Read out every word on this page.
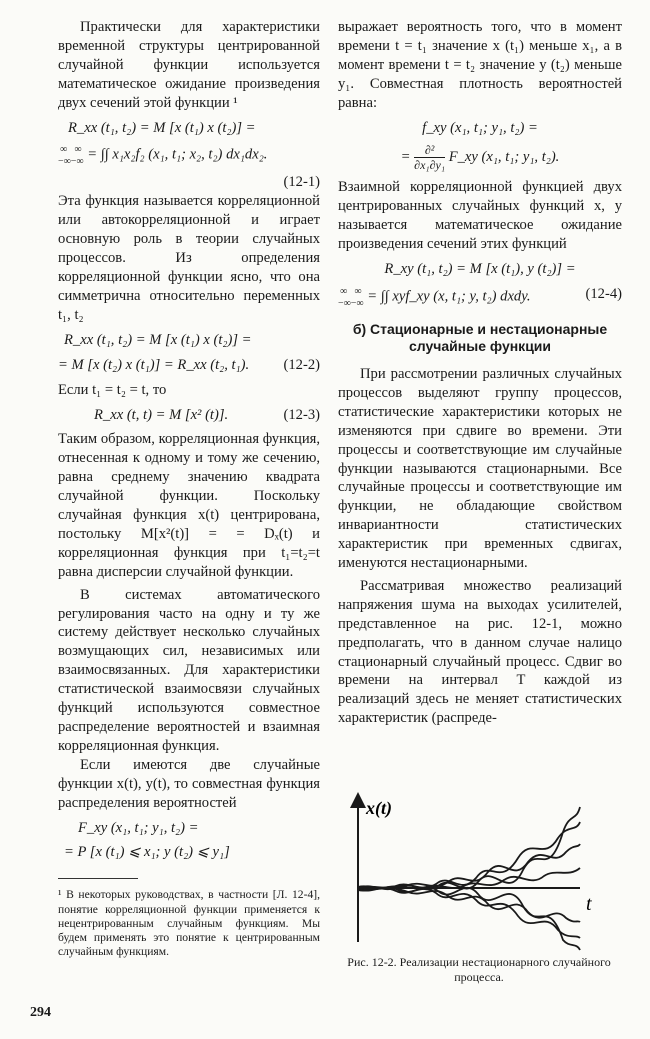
Практически для характеристики временной структуры центрированной случайной функции используется математическое ожидание произведения двух сечений этой функции ¹

R_xx (t₁, t₂) = M [x (t₁) x (t₂)] =
∞ ∞
−∞−∞ = ∫∫ x₁x₂f₂ (x₁, t₁; x₂, t₂) dx₁dx₂.
(12-1)

Эта функция называется корреляционной или автокорреляционной и играет основную роль в теории случайных процессов. Из определения корреляционной функции ясно, что она симметрична относительно переменных t₁, t₂

R_xx (t₁, t₂) = M [x (t₁) x (t₂)] =
= M [x (t₂) x (t₁)] = R_xx (t₂, t₁). (12-2)

Если t₁ = t₂ = t, то

R_xx (t, t) = M [x² (t)].	(12-3)

Таким образом, корреляционная функция, отнесенная к одному и тому же сечению, равна среднему значению квадрата случайной функции. Поскольку случайная функция x(t) центрирована, постольку M[x²(t)] = = Dₓ(t) и корреляционная функция при t₁=t₂=t равна дисперсии случайной функции.

В системах автоматического регулирования часто на одну и ту же систему действует несколько случайных возмущающих сил, независимых или взаимосвязанных. Для характеристики статистической взаимосвязи случайных функций используются совместное распределение вероятностей и взаимная корреляционная функция.

Если имеются две случайные функции x(t), y(t), то совместная функция распределения вероятностей

F_xy (x₁, t₁; y₁, t₂) =
= P [x (t₁) ⩽ x₁; y (t₂) ⩽ y₁]
¹ В некоторых руководствах, в частности [Л. 12-4], понятие корреляционной функции применяется к нецентрированным случайным функциям. Мы будем применять это понятие к центрированным случайным функциям.

выражает вероятность того, что в момент времени t = t₁ значение x (t₁) меньше x₁, а в момент времени t = t₂ значение y (t₂) меньше y₁. Совместная плотность вероятностей равна:

f_xy (x₁, t₁; y₁, t₂) =
=	∂²
∂x₁∂y₁
F_xy (x₁, t₁; y₁, t₂).

Взаимной корреляционной функцией двух центрированных случайных функций x, y называется математическое ожидание произведения сечений этих функций

R_xy (t₁, t₂) = M [x (t₁), y (t₂)] =
∞ ∞
−∞−∞ = ∫∫ xyf_xy (x, t₁; y, t₂) dxdy.	(12-4)
б) Стационарные и нестационарные случайные функции

При рассмотрении различных случайных процессов выделяют группу процессов, статистические характеристики которых не изменяются при сдвиге во времени. Эти процессы и соответствующие им случайные функции называются стационарными. Все случайные процессы и соответствующие им функции, не обладающие свойством инвариантности статистических характеристик при временных сдвигах, именуются нестационарными.

Рассматривая множество реализаций напряжения шума на выходах усилителей, представленное на рис. 12-1, можно предполагать, что в данном случае налицо стационарный случайный процесс. Сдвиг во времени на интервал T каждой из реализаций здесь не меняет статистических характеристик (распреде-

x(t)
t
Рис. 12-2. Реализации нестационарного случайного процесса.
294
